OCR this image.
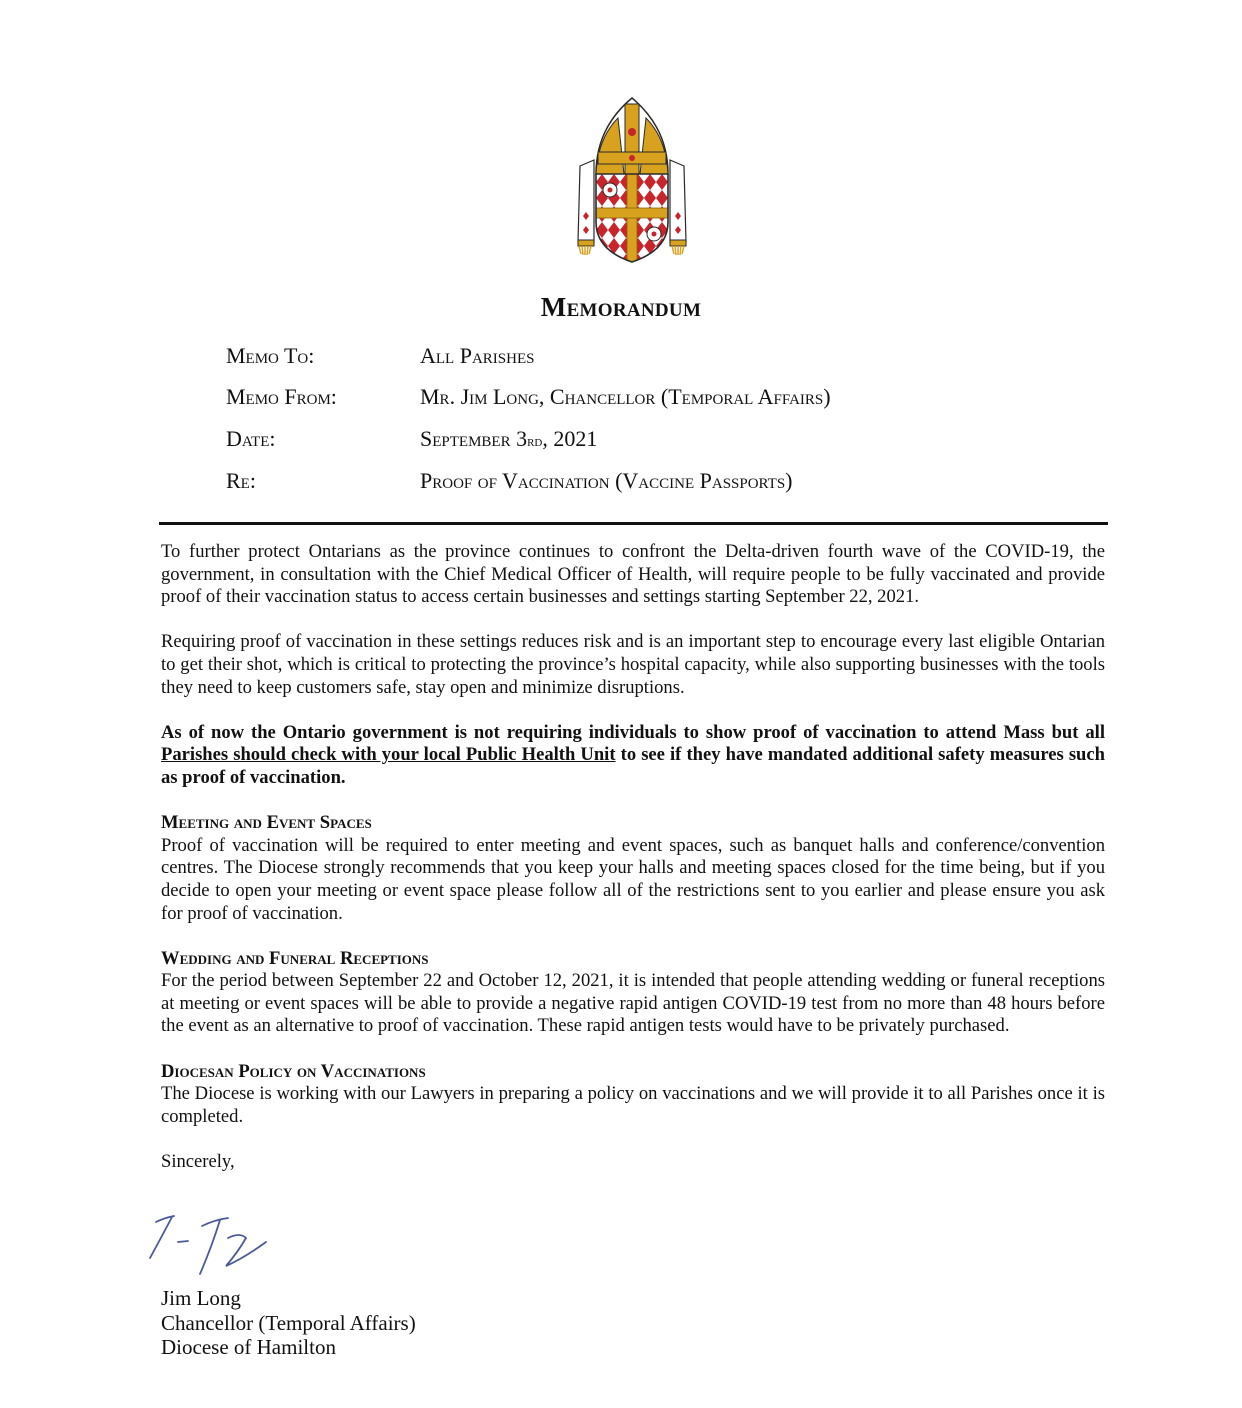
Memorandum
Memo To:	All Parishes
Memo From:	Mr. Jim Long, Chancellor (Temporal Affairs)
Date:	September 3rd, 2021
Re:	Proof of Vaccination (Vaccine Passports)

To further protect Ontarians as the province continues to confront the Delta-driven fourth wave of the COVID-19, the government, in consultation with the Chief Medical Officer of Health, will require people to be fully vaccinated and provide proof of their vaccination status to access certain businesses and settings starting September 22, 2021.

Requiring proof of vaccination in these settings reduces risk and is an important step to encourage every last eligible Ontarian to get their shot, which is critical to protecting the province’s hospital capacity, while also supporting businesses with the tools they need to keep customers safe, stay open and minimize disruptions.

As of now the Ontario government is not requiring individuals to show proof of vaccination to attend Mass but all Parishes should check with your local Public Health Unit to see if they have mandated additional safety measures such as proof of vaccination.

Meeting and Event Spaces

Proof of vaccination will be required to enter meeting and event spaces, such as banquet halls and conference/convention centres. The Diocese strongly recommends that you keep your halls and meeting spaces closed for the time being, but if you decide to open your meeting or event space please follow all of the restrictions sent to you earlier and please ensure you ask for proof of vaccination.

Wedding and Funeral Receptions

For the period between September 22 and October 12, 2021, it is intended that people attending wedding or funeral receptions at meeting or event spaces will be able to provide a negative rapid antigen COVID-19 test from no more than 48 hours before the event as an alternative to proof of vaccination. These rapid antigen tests would have to be privately purchased.

Diocesan Policy on Vaccinations

The Diocese is working with our Lawyers in preparing a policy on vaccinations and we will provide it to all Parishes once it is completed.

Sincerely,

Jim Long
Chancellor (Temporal Affairs)
Diocese of Hamilton
